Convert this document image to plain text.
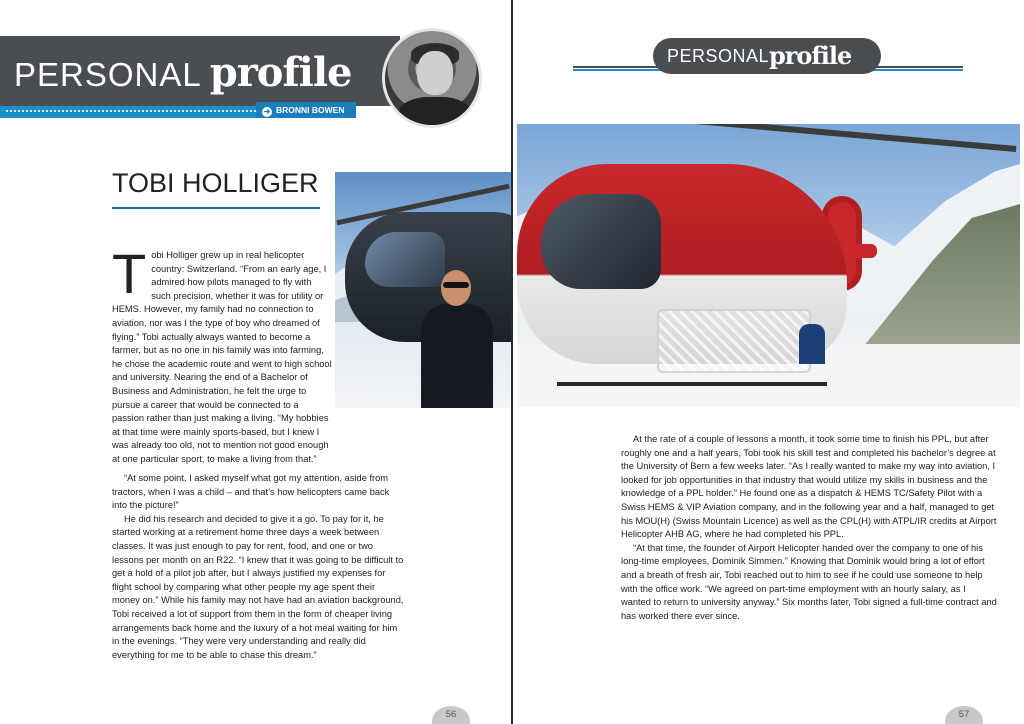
PERSONAL profile
➜ BRONNI BOWEN
TOBI HOLLIGER

Tobi Holliger grew up in real helicopter country: Switzerland. “From an early age, I admired how pilots managed to fly with such precision, whether it was for utility or HEMS. However, my family had no connection to aviation, nor was I the type of boy who dreamed of flying.” Tobi actually always wanted to become a farmer, but as no one in his family was into farming, he chose the academic route and went to high school and university. Nearing the end of a Bachelor of Business and Administration, he felt the urge to pursue a career that would be connected to a passion rather than just making a living. “My hobbies at that time were mainly sports-based, but I knew I was already too old, not to mention not good enough at one particular sport, to make a living from that.”

“At some point, I asked myself what got my attention, aside from tractors, when I was a child – and that’s how helicopters came back into the picture!”

He did his research and decided to give it a go. To pay for it, he started working at a retirement home three days a week between classes. It was just enough to pay for rent, food, and one or two lessons per month on an R22. “I knew that it was going to be difficult to get a hold of a pilot job after, but I always justified my expenses for flight school by comparing what other people my age spent their money on.” While his family may not have had an aviation background, Tobi received a lot of support from them in the form of cheaper living arrangements back home and the luxury of a hot meal waiting for him in the evenings. “They were very understanding and really did everything for me to be able to chase this dream.”

56
PERSONAL profile

At the rate of a couple of lessons a month, it took some time to finish his PPL, but after roughly one and a half years, Tobi took his skill test and completed his bachelor’s degree at the University of Bern a few weeks later. “As I really wanted to make my way into aviation, I looked for job opportunities in that industry that would utilize my skills in business and the knowledge of a PPL holder.” He found one as a dispatch & HEMS TC/Safety Pilot with a Swiss HEMS & VIP Aviation company, and in the following year and a half, managed to get his MOU(H) (Swiss Mountain Licence) as well as the CPL(H) with ATPL/IR credits at Airport Helicopter AHB AG, where he had completed his PPL.

“At that time, the founder of Airport Helicopter handed over the company to one of his long-time employees, Dominik Simmen.” Knowing that Dominik would bring a lot of effort and a breath of fresh air, Tobi reached out to him to see if he could use someone to help with the office work. “We agreed on part-time employment with an hourly salary, as I wanted to return to university anyway.” Six months later, Tobi signed a full-time contract and has worked there ever since.

57
